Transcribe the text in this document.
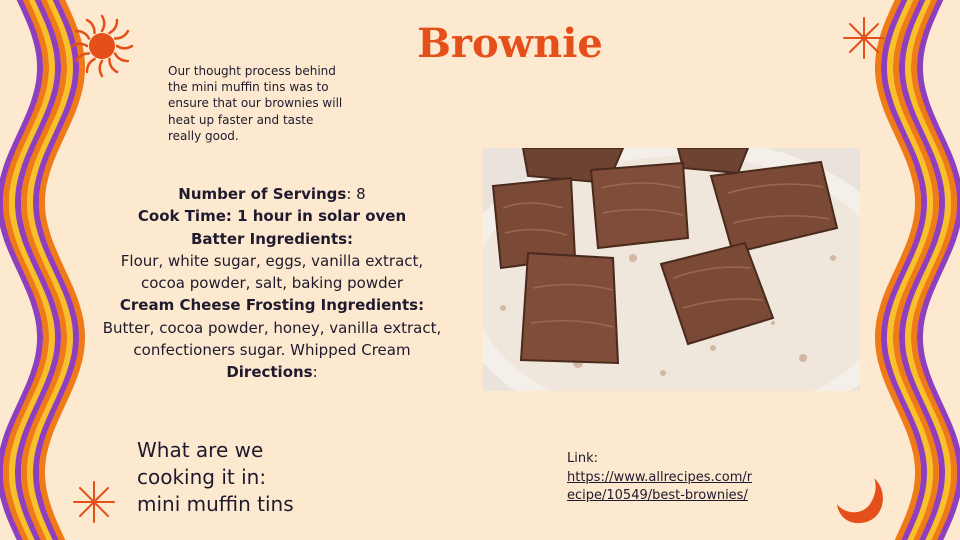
Brownie

Our thought process behind the mini muffin tins was to ensure that our brownies will heat up faster and taste really good.

Number of Servings: 8
Cook Time: 1 hour in solar oven
Batter Ingredients:
Flour, white sugar, eggs, vanilla extract,
cocoa powder, salt, baking powder
Cream Cheese Frosting Ingredients:
Butter, cocoa powder, honey, vanilla extract,
confectioners sugar. Whipped Cream
Directions:
What are we
cooking it in:
mini muffin tins
Link:
https://www.allrecipes.com/recipe/10549/best-brownies/
